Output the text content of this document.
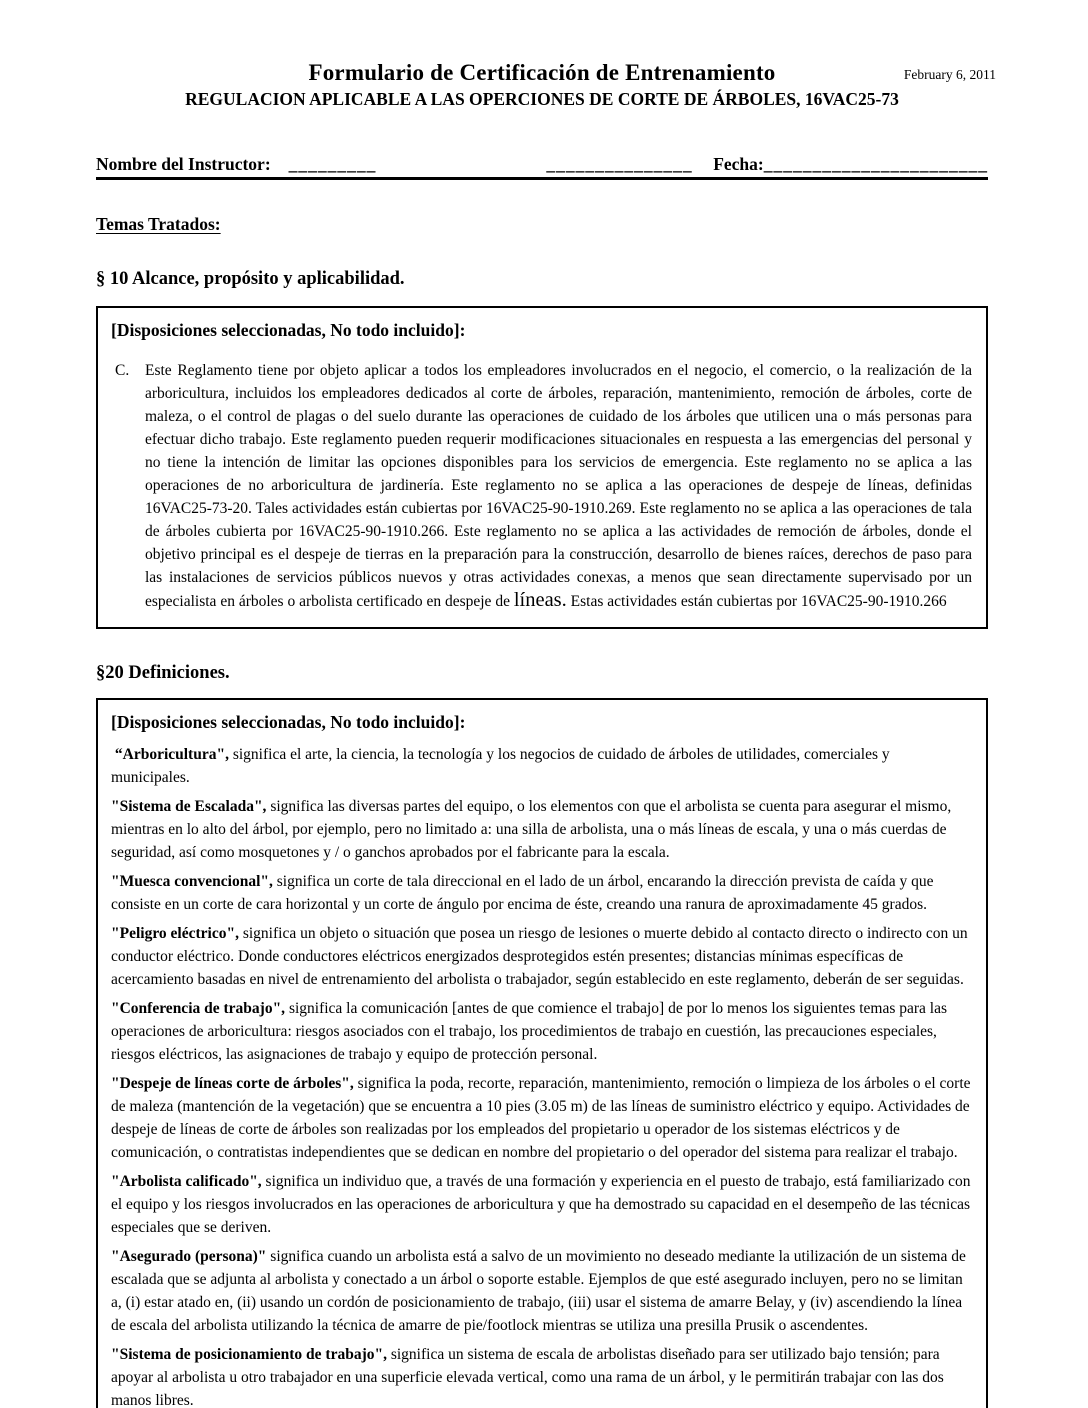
Formulario de Certificación de Entrenamiento	February 6, 2011
REGULACION APLICABLE A LAS OPERCIONES DE CORTE DE ÁRBOLES, 16VAC25-73
Nombre del Instructor: _________	_______________ Fecha: _______________________
Temas Tratados:
§ 10 Alcance, propósito y aplicabilidad.
[Disposiciones seleccionadas, No todo incluido]:
C.	Este Reglamento tiene por objeto aplicar a todos los empleadores involucrados en el negocio, el comercio, o la realización de la arboricultura, incluidos los empleadores dedicados al corte de árboles, reparación, mantenimiento, remoción de árboles, corte de maleza, o el control de plagas o del suelo durante las operaciones de cuidado de los árboles que utilicen una o más personas para efectuar dicho trabajo. Este reglamento pueden requerir modificaciones situacionales en respuesta a las emergencias del personal y no tiene la intención de limitar las opciones disponibles para los servicios de emergencia. Este reglamento no se aplica a las operaciones de no arboricultura de jardinería. Este reglamento no se aplica a las operaciones de despeje de líneas, definidas 16VAC25-73-20. Tales actividades están cubiertas por 16VAC25-90-1910.269. Este reglamento no se aplica a las operaciones de tala de árboles cubierta por 16VAC25-90-1910.266. Este reglamento no se aplica a las actividades de remoción de árboles, donde el objetivo principal es el despeje de tierras en la preparación para la construcción, desarrollo de bienes raíces, derechos de paso para las instalaciones de servicios públicos nuevos y otras actividades conexas, a menos que sean directamente supervisado por un especialista en árboles o arbolista certificado en despeje de líneas. Estas actividades están cubiertas por 16VAC25-90-1910.266
§20 Definiciones.
[Disposiciones seleccionadas, No todo incluido]:
“Arboricultura", significa el arte, la ciencia, la tecnología y los negocios de cuidado de árboles de utilidades, comerciales y municipales.
"Sistema de Escalada", significa las diversas partes del equipo, o los elementos con que el arbolista se cuenta para asegurar el mismo, mientras en lo alto del árbol, por ejemplo, pero no limitado a: una silla de arbolista, una o más líneas de escala, y una o más cuerdas de seguridad, así como mosquetones y / o ganchos aprobados por el fabricante para la escala.
"Muesca convencional", significa un corte de tala direccional en el lado de un árbol, encarando la dirección prevista de caída y que consiste en un corte de cara horizontal y un corte de ángulo por encima de éste, creando una ranura de aproximadamente 45 grados.
"Peligro eléctrico", significa un objeto o situación que posea un riesgo de lesiones o muerte debido al contacto directo o indirecto con un conductor eléctrico. Donde conductores eléctricos energizados desprotegidos estén presentes; distancias mínimas específicas de acercamiento basadas en nivel de entrenamiento del arbolista o trabajador, según establecido en este reglamento, deberán de ser seguidas.
"Conferencia de trabajo", significa la comunicación [antes de que comience el trabajo] de por lo menos los siguientes temas para las operaciones de arboricultura: riesgos asociados con el trabajo, los procedimientos de trabajo en cuestión, las precauciones especiales, riesgos eléctricos, las asignaciones de trabajo y equipo de protección personal.
"Despeje de líneas corte de árboles", significa la poda, recorte, reparación, mantenimiento, remoción o limpieza de los árboles o el corte de maleza (mantención de la vegetación) que se encuentra a 10 pies (3.05 m) de las líneas de suministro eléctrico y equipo. Actividades de despeje de líneas de corte de árboles son realizadas por los empleados del propietario u operador de los sistemas eléctricos y de comunicación, o contratistas independientes que se dedican en nombre del propietario o del operador del sistema para realizar el trabajo.
"Arbolista calificado", significa un individuo que, a través de una formación y experiencia en el puesto de trabajo, está familiarizado con el equipo y los riesgos involucrados en las operaciones de arboricultura y que ha demostrado su capacidad en el desempeño de las técnicas especiales que se deriven.
"Asegurado (persona)" significa cuando un arbolista está a salvo de un movimiento no deseado mediante la utilización de un sistema de escalada que se adjunta al arbolista y conectado a un árbol o soporte estable. Ejemplos de que esté asegurado incluyen, pero no se limitan a, (i) estar atado en, (ii) usando un cordón de posicionamiento de trabajo, (iii) usar el sistema de amarre Belay, y (iv) ascendiendo la línea de escala del arbolista utilizando la técnica de amarre de pie/footlock mientras se utiliza una presilla Prusik o ascendentes.
"Sistema de posicionamiento de trabajo", significa un sistema de escala de arbolistas diseñado para ser utilizado bajo tensión; para apoyar al arbolista u otro trabajador en una superficie elevada vertical, como una rama de un árbol, y le permitirán trabajar con las dos manos libres.
